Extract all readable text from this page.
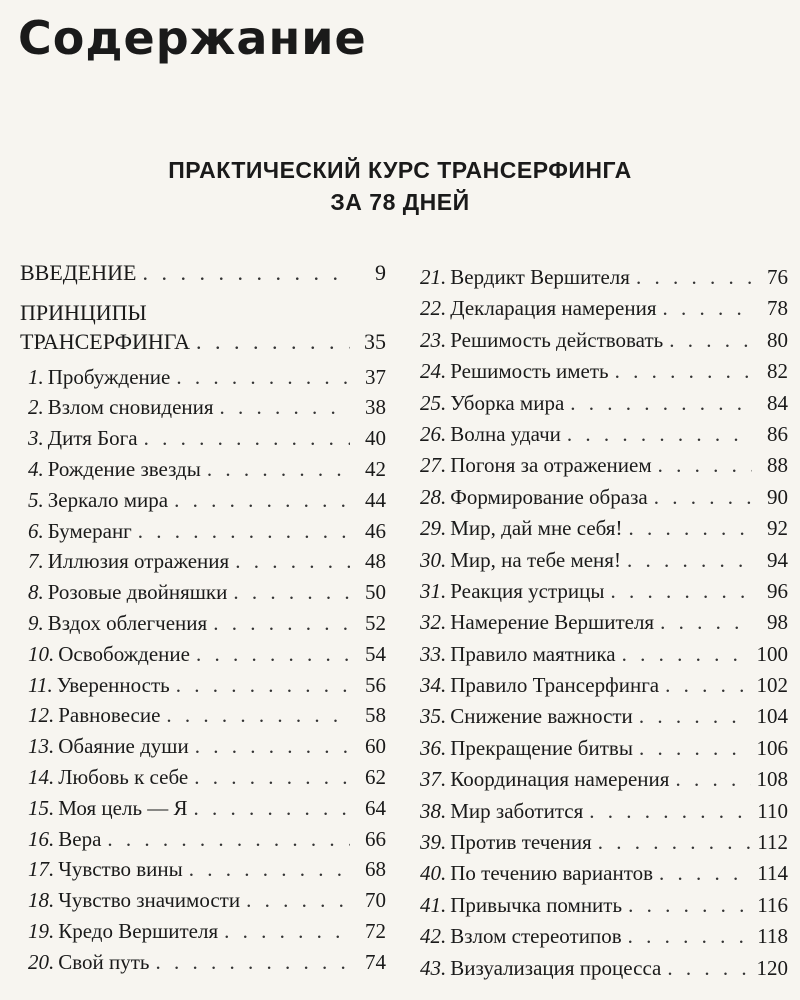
Содержание
ПРАКТИЧЕСКИЙ КУРС ТРАНСЕРФИНГА
ЗА 78 ДНЕЙ
ВВЕДЕНИЕ . . .	9
ПРИНЦИПЫ
ТРАНСЕРФИНГА . . .	35
1. Пробуждение . . .	37
2. Взлом сновидения . . .	38
3. Дитя Бога . . .	40
4. Рождение звезды . . .	42
5. Зеркало мира . . .	44
6. Бумеранг . . .	46
7. Иллюзия отражения . . .	48
8. Розовые двойняшки . . .	50
9. Вздох облегчения . . .	52
10. Освобождение . . .	54
11. Уверенность . . .	56
12. Равновесие . . .	58
13. Обаяние души . . .	60
14. Любовь к себе . . .	62
15. Моя цель — Я . . .	64
16. Вера . . .	66
17. Чувство вины . . .	68
18. Чувство значимости . . .	70
19. Кредо Вершителя . . .	72
20. Свой путь . . .	74
21. Вердикт Вершителя . . .	76
22. Декларация намерения . . .	78
23. Решимость действовать . . .	80
24. Решимость иметь . . .	82
25. Уборка мира . . .	84
26. Волна удачи . . .	86
27. Погоня за отражением . . .	88
28. Формирование образа . . .	90
29. Мир, дай мне себя! . . .	92
30. Мир, на тебе меня! . . .	94
31. Реакция устрицы . . .	96
32. Намерение Вершителя . . .	98
33. Правило маятника . . .	100
34. Правило Трансерфинга . . .	102
35. Снижение важности . . .	104
36. Прекращение битвы . . .	106
37. Координация намерения . . .	108
38. Мир заботится . . .	110
39. Против течения . . .	112
40. По течению вариантов . . .	114
41. Привычка помнить . . .	116
42. Взлом стереотипов . . .	118
43. Визуализация процесса . . .	120
